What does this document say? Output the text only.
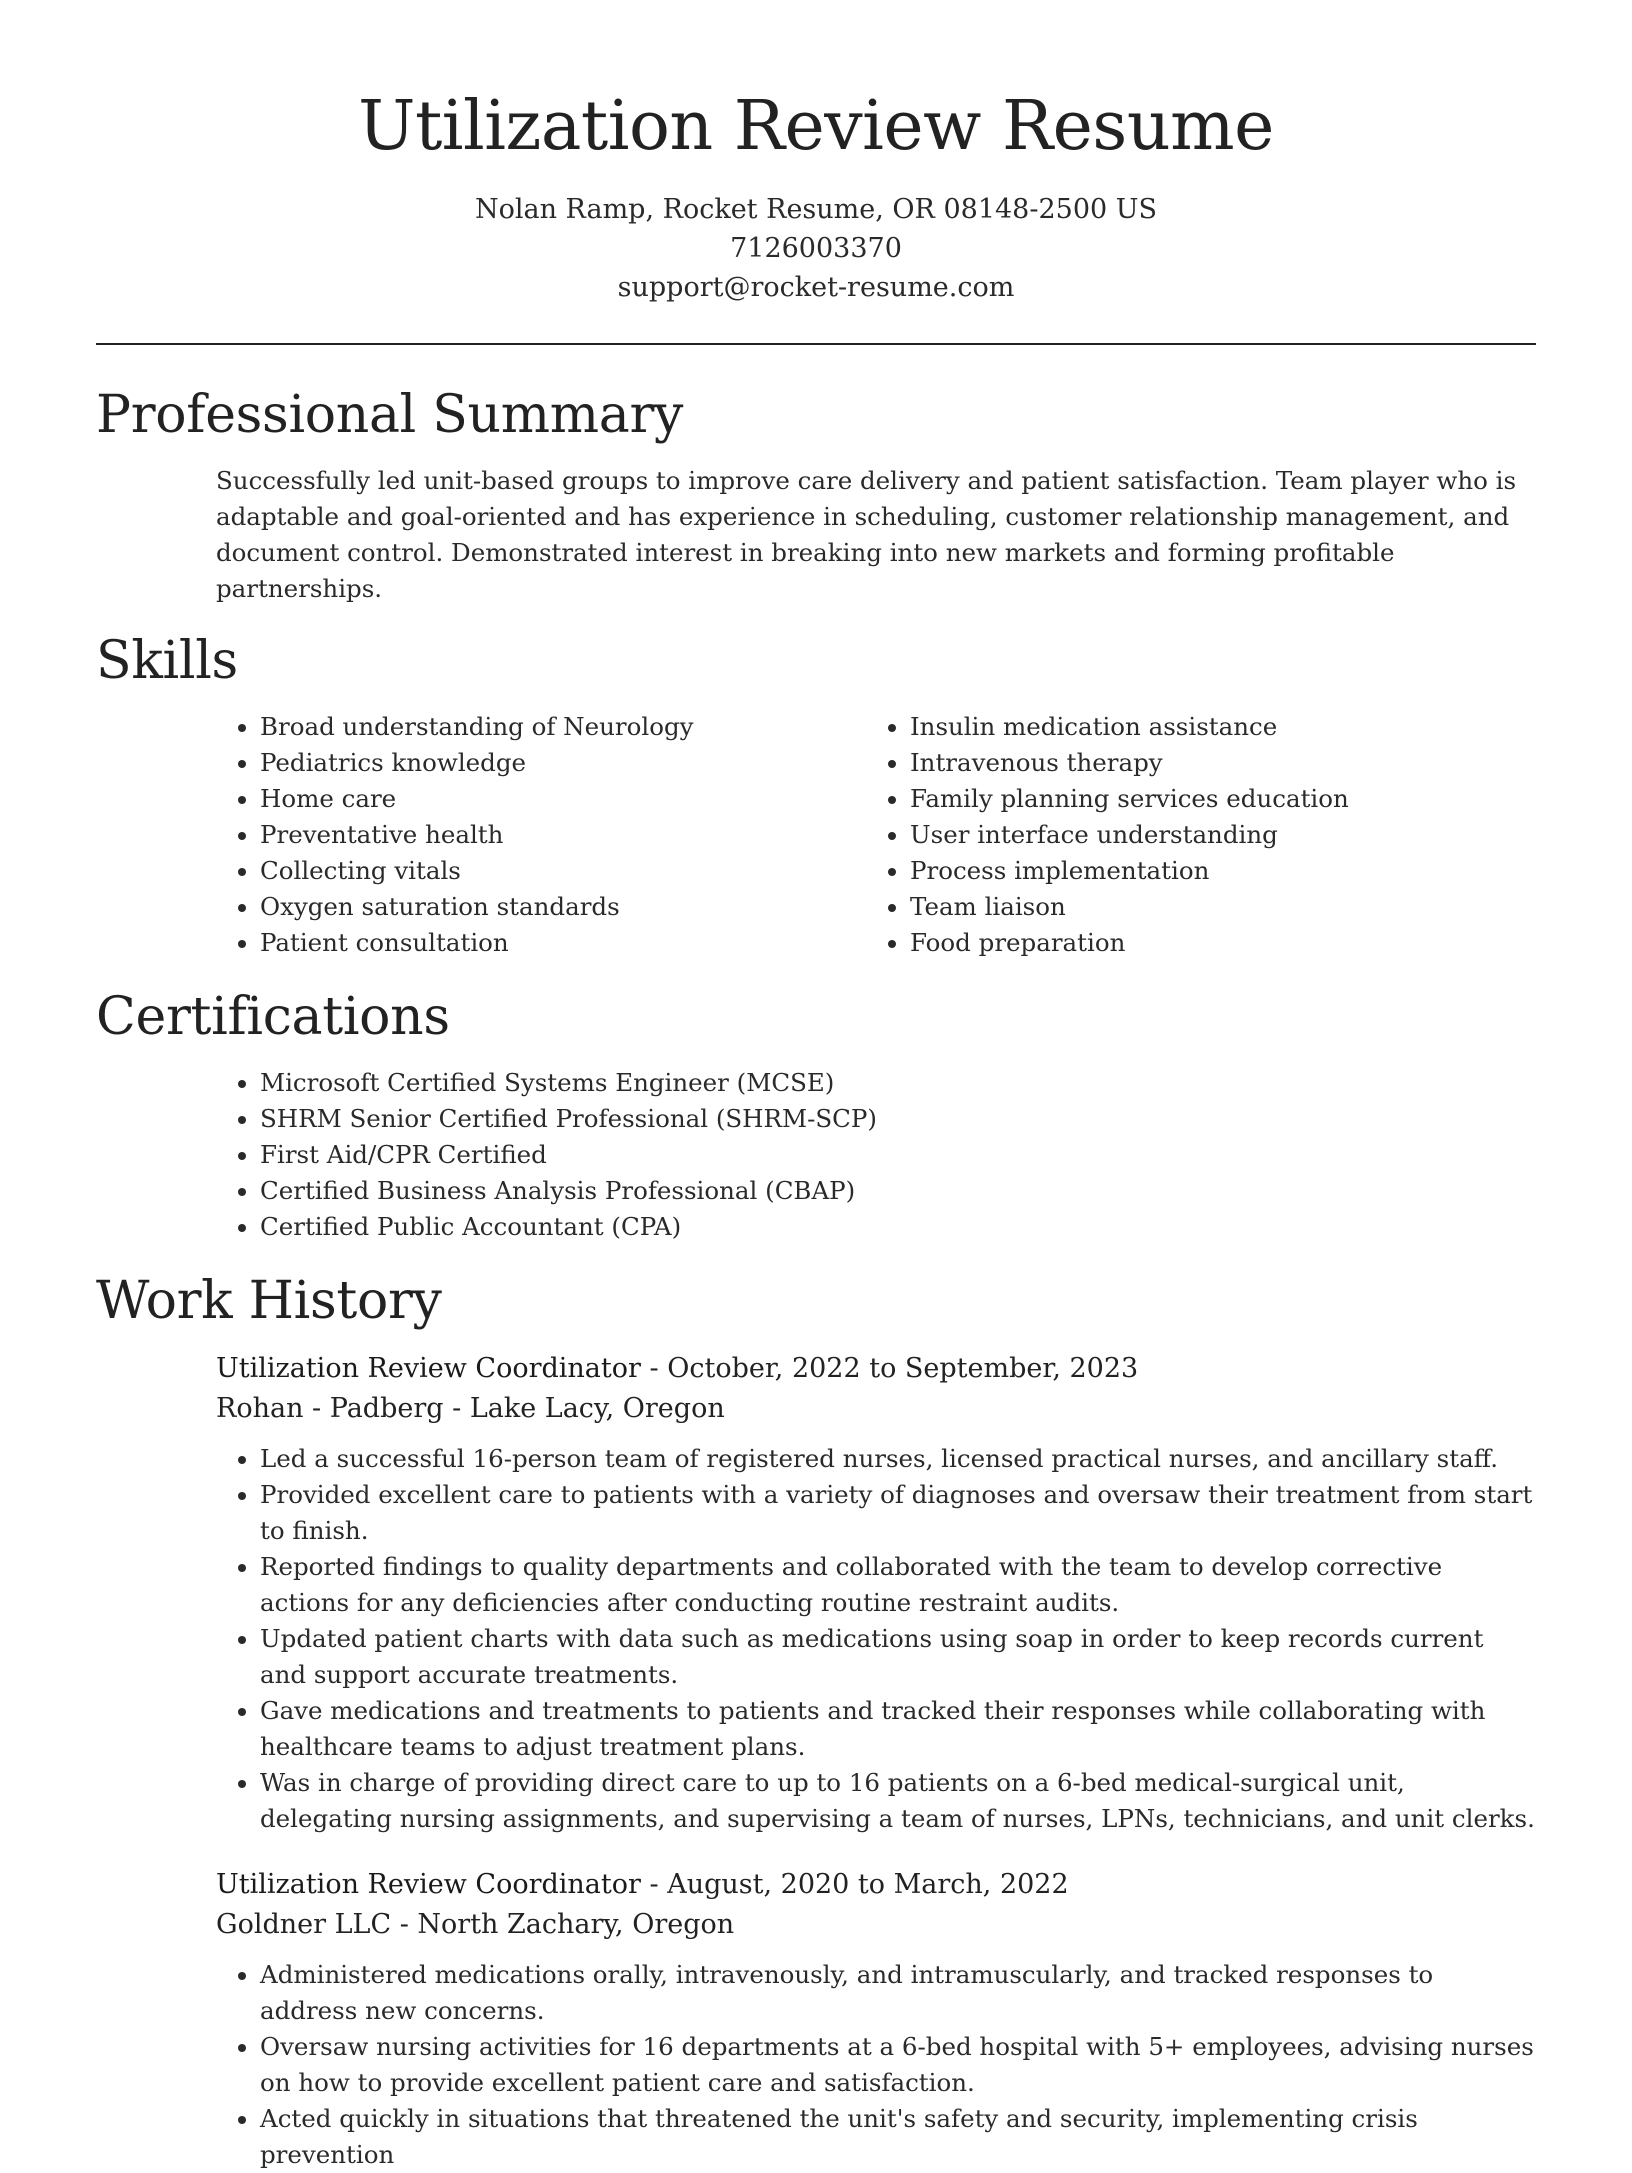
Utilization Review Resume
Nolan Ramp, Rocket Resume, OR 08148-2500 US
7126003370
support@rocket-resume.com
Professional Summary
Successfully led unit-based groups to improve care delivery and patient satisfaction. Team player who is adaptable and goal-oriented and has experience in scheduling, customer relationship management, and document control. Demonstrated interest in breaking into new markets and forming profitable partnerships.
Skills
• Broad understanding of Neurology
• Pediatrics knowledge
• Home care
• Preventative health
• Collecting vitals
• Oxygen saturation standards
• Patient consultation
• Insulin medication assistance
• Intravenous therapy
• Family planning services education
• User interface understanding
• Process implementation
• Team liaison
• Food preparation
Certifications
• Microsoft Certified Systems Engineer (MCSE)
• SHRM Senior Certified Professional (SHRM-SCP)
• First Aid/CPR Certified
• Certified Business Analysis Professional (CBAP)
• Certified Public Accountant (CPA)
Work History
Utilization Review Coordinator - October, 2022 to September, 2023
Rohan - Padberg - Lake Lacy, Oregon
• Led a successful 16-person team of registered nurses, licensed practical nurses, and ancillary staff.
• Provided excellent care to patients with a variety of diagnoses and oversaw their treatment from start to finish.
• Reported findings to quality departments and collaborated with the team to develop corrective actions for any deficiencies after conducting routine restraint audits.
• Updated patient charts with data such as medications using soap in order to keep records current and support accurate treatments.
• Gave medications and treatments to patients and tracked their responses while collaborating with healthcare teams to adjust treatment plans.
• Was in charge of providing direct care to up to 16 patients on a 6-bed medical-surgical unit, delegating nursing assignments, and supervising a team of nurses, LPNs, technicians, and unit clerks.
Utilization Review Coordinator - August, 2020 to March, 2022
Goldner LLC - North Zachary, Oregon
• Administered medications orally, intravenously, and intramuscularly, and tracked responses to address new concerns.
• Oversaw nursing activities for 16 departments at a 6-bed hospital with 5+ employees, advising nurses on how to provide excellent patient care and satisfaction.
• Acted quickly in situations that threatened the unit's safety and security, implementing crisis prevention
